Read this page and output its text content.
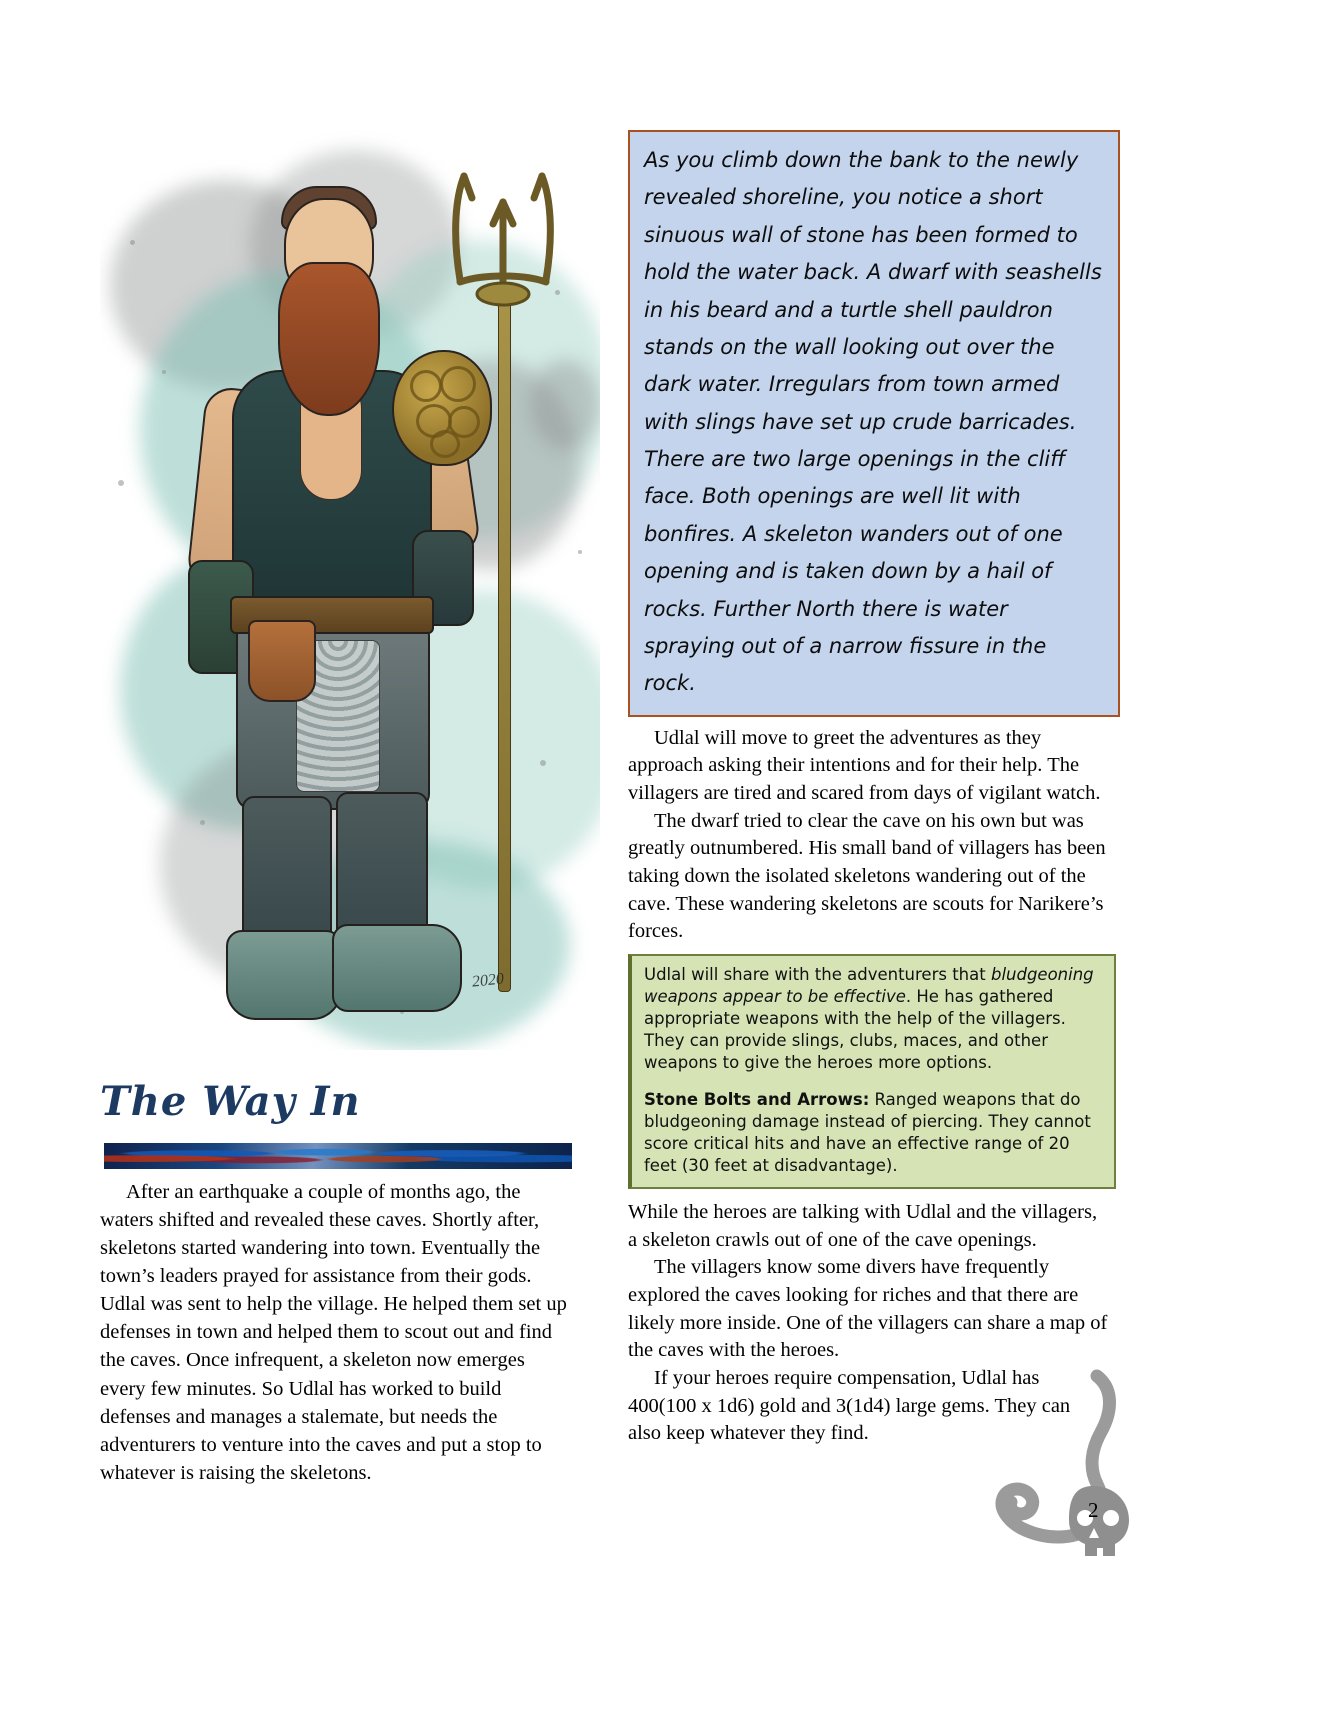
2020
The Way In

After an earthquake a couple of months ago, the waters shifted and revealed these caves. Shortly after, skeletons started wandering into town. Eventually the town’s leaders prayed for assistance from their gods. Udlal was sent to help the village. He helped them set up defenses in town and helped them to scout out and find the caves. Once infrequent, a skeleton now emerges every few minutes. So Udlal has worked to build defenses and manages a stalemate, but needs the adventurers to venture into the caves and put a stop to whatever is raising the skeletons.

As you climb down the bank to the newly revealed shoreline, you notice a short sinuous wall of stone has been formed to hold the water back. A dwarf with seashells in his beard and a turtle shell pauldron stands on the wall looking out over the dark water. Irregulars from town armed with slings have set up crude barricades. There are two large openings in the cliff face. Both openings are well lit with bonfires. A skeleton wanders out of one opening and is taken down by a hail of rocks. Further North there is water spraying out of a narrow fissure in the rock.

Udlal will move to greet the adventures as they approach asking their intentions and for their help. The villagers are tired and scared from days of vigilant watch.

The dwarf tried to clear the cave on his own but was greatly outnumbered. His small band of villagers has been taking down the isolated skeletons wandering out of the cave. These wandering skeletons are scouts for Narikere’s forces.

Udlal will share with the adventurers that bludgeoning weapons appear to be effective. He has gathered appropriate weapons with the help of the villagers. They can provide slings, clubs, maces, and other weapons to give the heroes more options.

Stone Bolts and Arrows: Ranged weapons that do bludgeoning damage instead of piercing. They cannot score critical hits and have an effective range of 20 feet (30 feet at disadvantage).

While the heroes are talking with Udlal and the villagers, a skeleton crawls out of one of the cave openings.

The villagers know some divers have frequently explored the caves looking for riches and that there are likely more inside. One of the villagers can share a map of the caves with the heroes.

If your heroes require compensation, Udlal has 400(100 x 1d6) gold and 3(1d4) large gems. They can also keep whatever they find.

2
